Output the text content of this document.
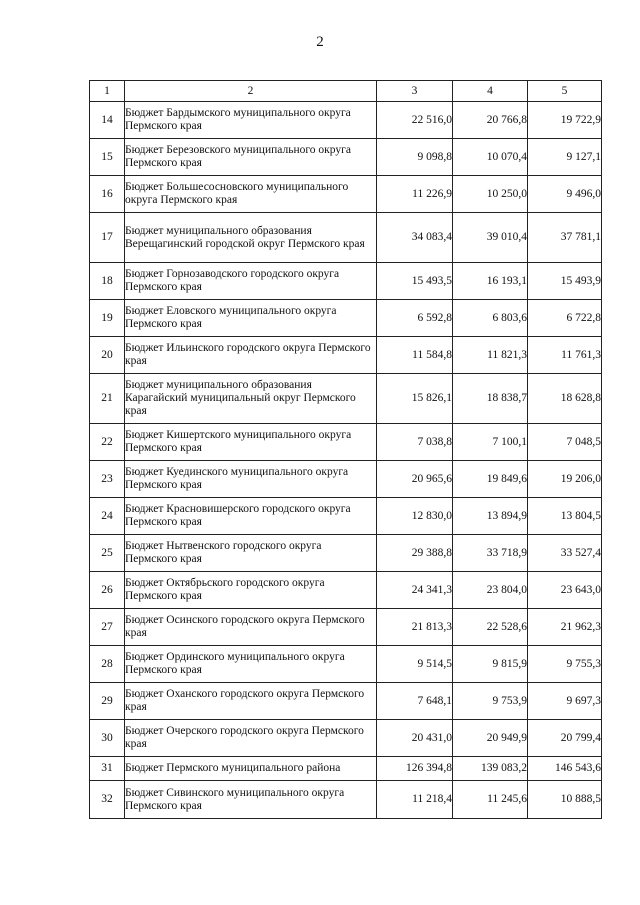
2
1	2	3	4	5
14	Бюджет Бардымского муниципального округа Пермского края	22 516,0	20 766,8	19 722,9
15	Бюджет Березовского муниципального округа Пермского края	9 098,8	10 070,4	9 127,1
16	Бюджет Большесосновского муниципального округа Пермского края	11 226,9	10 250,0	9 496,0
17	Бюджет муниципального образования Верещагинский городской округ Пермского края	34 083,4	39 010,4	37 781,1
18	Бюджет Горнозаводского городского округа Пермского края	15 493,5	16 193,1	15 493,9
19	Бюджет Еловского муниципального округа Пермского края	6 592,8	6 803,6	6 722,8
20	Бюджет Ильинского городского округа Пермского края	11 584,8	11 821,3	11 761,3
21	Бюджет муниципального образования Карагайский муниципальный округ Пермского края	15 826,1	18 838,7	18 628,8
22	Бюджет Кишертского муниципального округа Пермского края	7 038,8	7 100,1	7 048,5
23	Бюджет Куединского муниципального округа Пермского края	20 965,6	19 849,6	19 206,0
24	Бюджет Красновишерского городского округа Пермского края	12 830,0	13 894,9	13 804,5
25	Бюджет Нытвенского городского округа Пермского края	29 388,8	33 718,9	33 527,4
26	Бюджет Октябрьского городского округа Пермского края	24 341,3	23 804,0	23 643,0
27	Бюджет Осинского городского округа Пермского края	21 813,3	22 528,6	21 962,3
28	Бюджет Ординского муниципального округа Пермского края	9 514,5	9 815,9	9 755,3
29	Бюджет Оханского городского округа Пермского края	7 648,1	9 753,9	9 697,3
30	Бюджет Очерского городского округа Пермского края	20 431,0	20 949,9	20 799,4
31	Бюджет Пермского муниципального района	126 394,8	139 083,2	146 543,6
32	Бюджет Сивинского муниципального округа Пермского края	11 218,4	11 245,6	10 888,5
